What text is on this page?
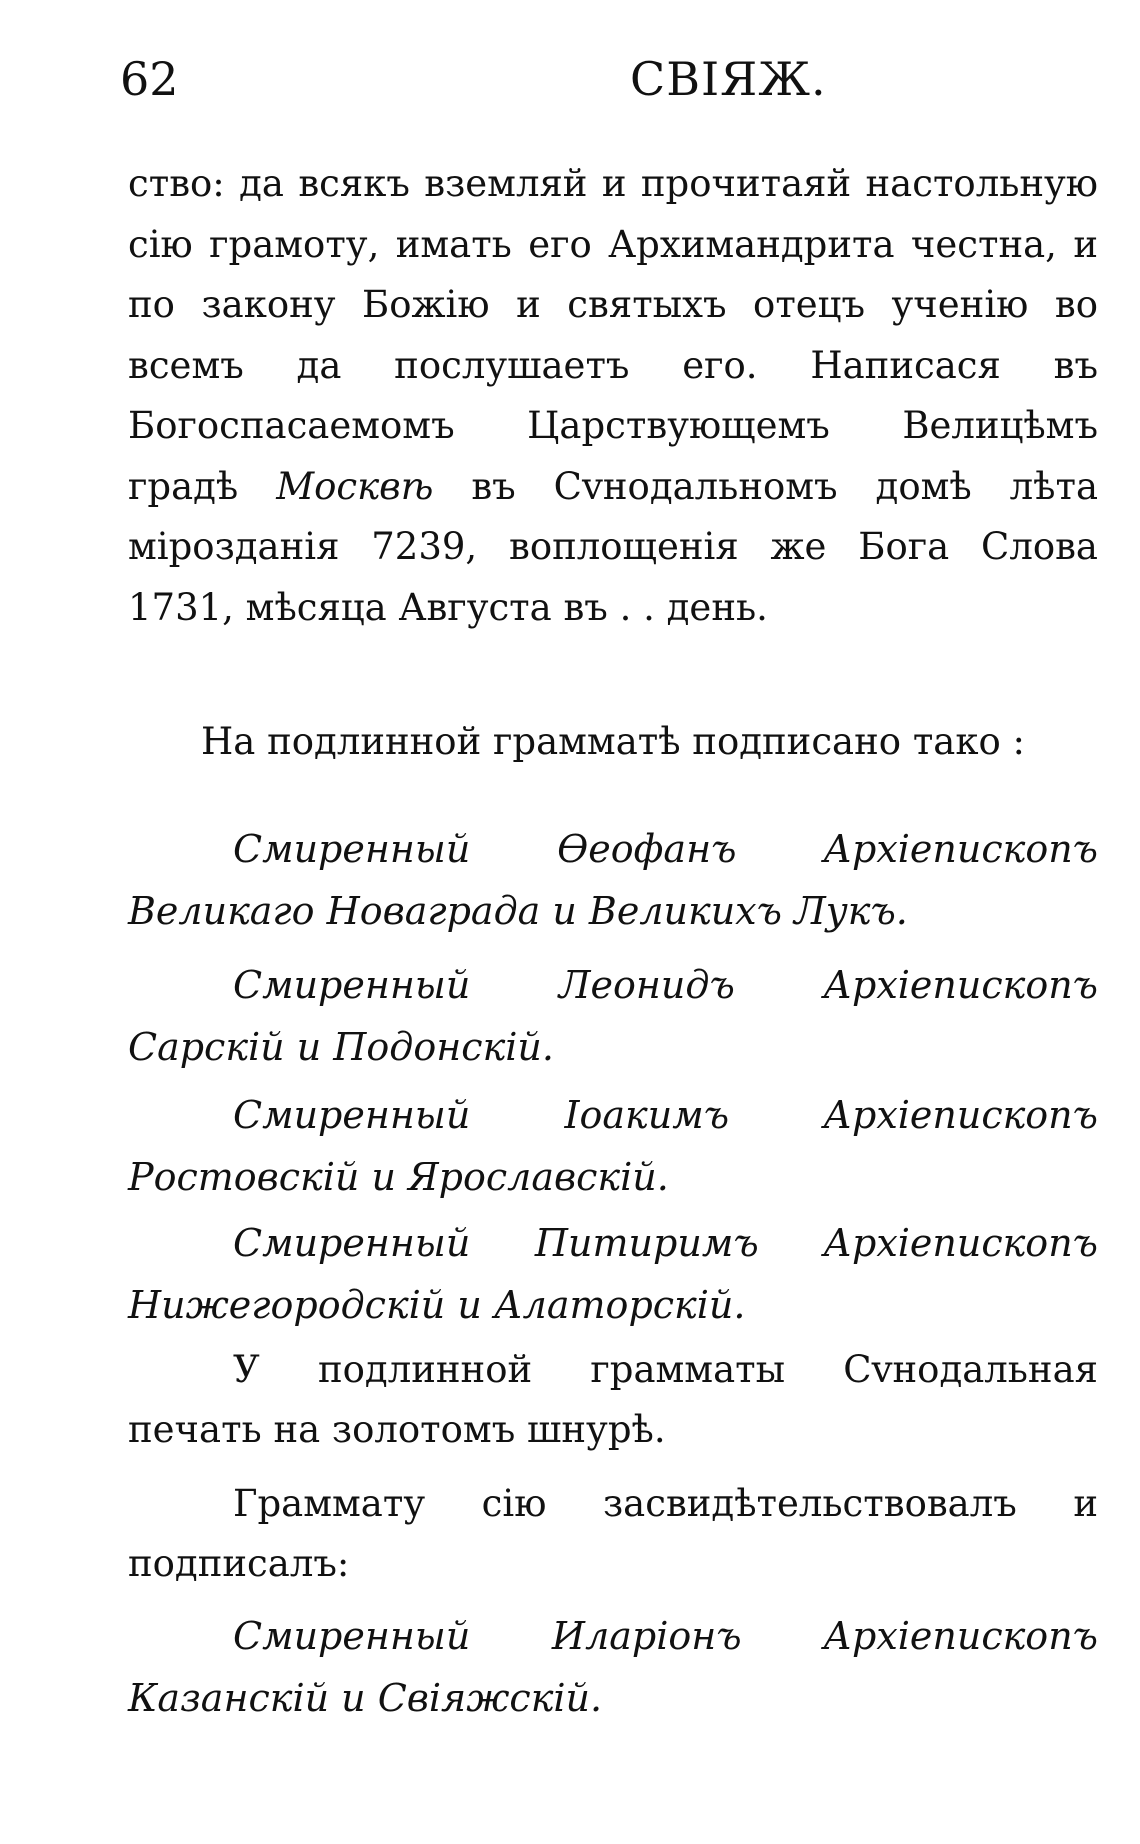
62	СВІЯЖ.

ство: да всякъ вземляй и прочитаяй настольную сію грамоту, имать его Архимандрита честна, и по закону Божію и святыхъ отецъ ученію во всемъ да послушаетъ его. Написася въ Богоспасаемомъ Царствующемъ Велицѣмъ градѣ Москвѣ въ Сvнодальномъ домѣ лѣта мірозданія 7239, воплощенія же Бога Слова 1731, мѣсяца Августа въ . . день.

На подлинной грамматѣ подписано тако :

Смиренный Ѳеофанъ Архіепископъ Великаго Новаграда и Великихъ Лукъ.

Смиренный Леонидъ Архіепископъ Сарскій и Подонскій.

Смиренный Іоакимъ Архіепископъ Ростовскій и Ярославскій.

Смиренный Питиримъ Архіепископъ Нижегородскій и Алаторскій.

У подлинной грамматы Сvнодальная печать на золотомъ шнурѣ.

Граммату сію засвидѣтельствовалъ и подписалъ:

Смиренный Иларіонъ Архіепископъ Казанскій и Свіяжскій.
